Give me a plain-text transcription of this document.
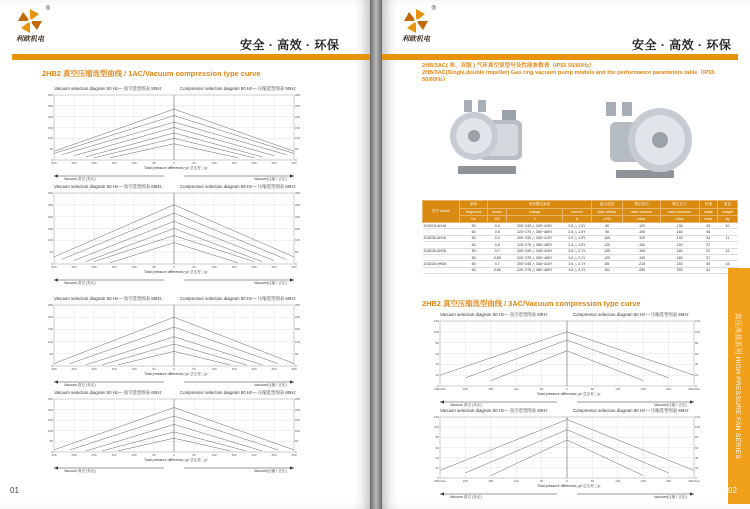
利欧机电
®
安全 · 高效 · 环保
2HB2 真空压缩选型曲线 / 1AC/Vacuum compression type curve
Vacuum selection diagram 50 Hz— 真空选型图表 50Hz	Compressor selection diagram 50 Hz— 压缩选型图表 50Hz
300	250	200	150	100	50	0	50	100	150	200	250	300
0	0
50	50
100	100
150	150
200	200
250	250
300	300
Total pressure difference△p/ 总压差 △p
Vacuum 真空 (负压)	Vacuum(压缩 / 正压)
Vacuum selection diagram 50 Hz— 真空选型图表 60Hz	Compressor selection diagram 60 Hz— 压缩选型图表 60Hz
300	250	200	150	100	50	0	50	100	150	200	250	300
0	0
50	50
100	100
150	150
200	200
250	250
300	300
Total pressure difference△p/ 总压差 △p
Vacuum 真空 (负压)	Vacuum(压缩 / 正压)
Vacuum selection diagram 50 Hz— 真空选型图表 50Hz	Compressor selection diagram 50 Hz— 压缩选型图表 50Hz
300	250	200	150	100	50	0	50	100	150	200	250	300
0	0
50	50
100	100
150	150
200	200
250	250
Total pressure difference△p/ 总压差 △p
Vacuum 真空 (负压)	Vacuum(压缩 / 正压)
Vacuum selection diagram 50 Hz— 真空选型图表 60Hz	Compressor selection diagram 60 Hz— 压缩选型图表 60Hz
300	250	200	150	100	50	0	50	100	150	200	250	300
0	0
50	50
100	100
150	150
200	200
250	250
Total pressure difference△p/ 总压差 △p
Vacuum 真空 (负压)	Vacuum(压缩 / 正压)
01
利欧机电
®
安全 · 高效 · 环保
2HB/3AC( 单、双级 ) 气环真空泵型号及性能参数表（IP55 50/60Hz）
2HB/3AC(Single,double impeller) Gas ring vacuum pump models and the performance parameters table（IP55 50/60Hz）
型号 Model	频率	电机额定参数			最大流量	额定真空	额定压力	转速	重量
	frequency	power	voltage	current	Max airflow	rated vacuum	rated pressure	rotate	weight
	Hz	kW	V	A	m³/h	mbar	mbar	r/min	kg
2LB210-AH16	50	0.4	200~240 △ 345~415Y	2.6 △ 1.5Y	80	-120	130	93	10
	60	0.5	220~275 △ 380~480Y	2.6 △ 1.5Y	96	-100	160	96	
2LB230-AH16	50	0.4	200~240 △ 345~415Y	2.6 △ 1.5Y	105	-120	130	54	11
	60	0.5	220~275 △ 380~480Y	2.6 △ 1.5Y	120	-150	150	57	
2LB230-AH26	50	0.7	200~240 △ 345~415Y	3.6 △ 2.1Y	105	-190	180	57	12
	60	0.85	220~275 △ 380~480Y	3.6 △ 2.1Y	120	-190	180	57	
2LB230-HH26	50	0.7	200~240 △ 345~415Y	3.6 △ 2.1Y	85	-210	240	55	15
	60	0.85	220~275 △ 380~480Y	3.6 △ 2.1Y	102	-250	250	61	
2HB2 真空压缩选型曲线 / 3AC/Vacuum compression type curve
Vacuum selection diagram 50 Hz— 真空选型图表 50Hz	Compressor selection diagram 50 Hz— 压缩选型图表 50Hz
300mbar	240	180	120	60	0	60	120	180	240	300mbar
0	0
20	20
40	40
60	60
80	80
100	100
120	120
Total pressure difference△p/ 总压差 △p
Vacuum 真空 (负压)	Vacuum(压缩 / 正压)
Vacuum selection diagram 60 Hz— 真空选型图表 60Hz	Compressor selection diagram 60 Hz— 压缩选型图表 60Hz
300mbar	240	180	120	60	0	60	120	180	240	300mbar
0	0
20	20
40	40
60	60
80	80
100	100
120	120
Total pressure difference△p/ 总压差 △p
Vacuum 真空 (负压)	Vacuum(压缩 / 正压)
高压风机系列 HIGH PRESSURE FAN SERIES
02
